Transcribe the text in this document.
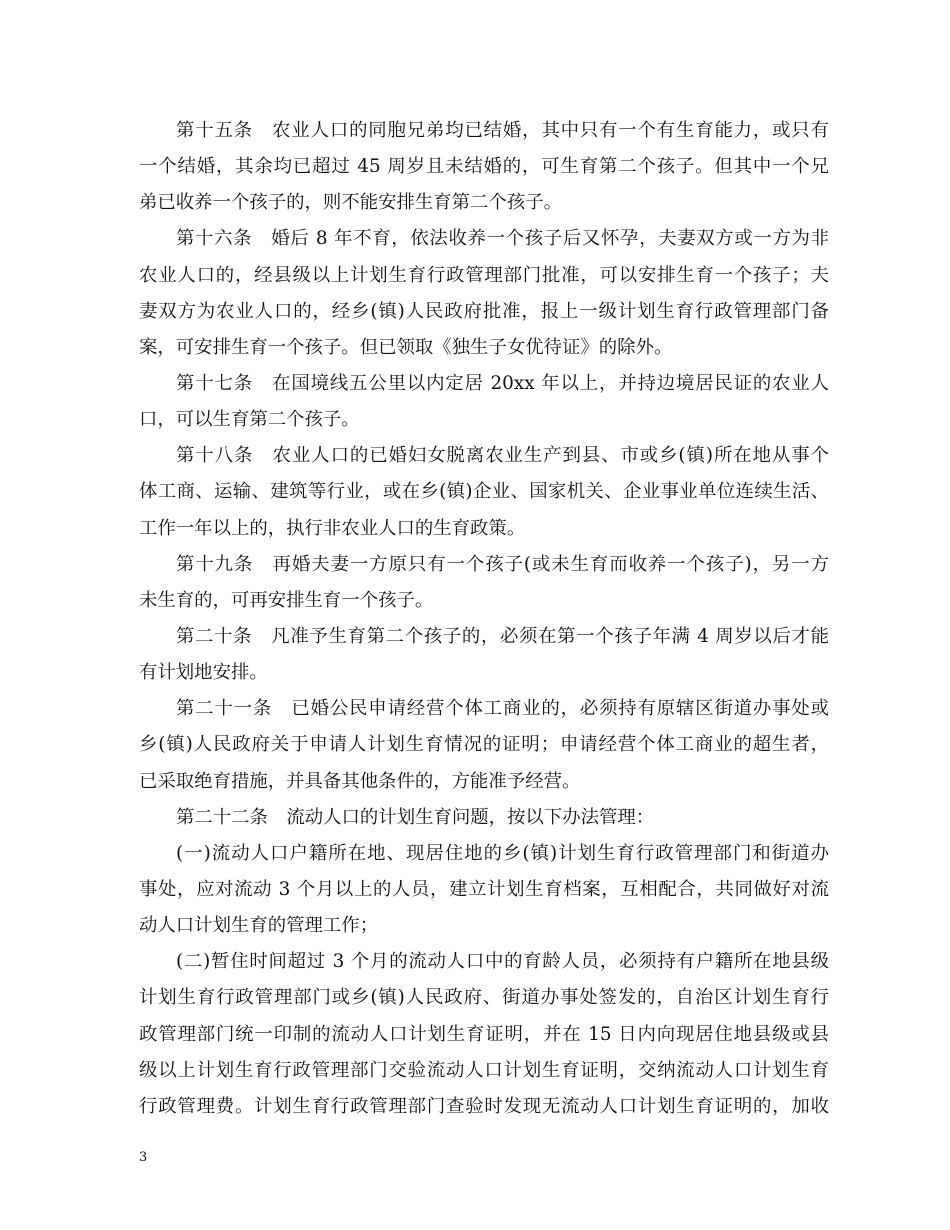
第十五条　农业人口的同胞兄弟均已结婚，其中只有一个有生育能力，或只有
一个结婚，其余均已超过 45 周岁且未结婚的，可生育第二个孩子。但其中一个兄
弟已收养一个孩子的，则不能安排生育第二个孩子。
第十六条　婚后 8 年不育，依法收养一个孩子后又怀孕，夫妻双方或一方为非
农业人口的，经县级以上计划生育行政管理部门批准，可以安排生育一个孩子；夫
妻双方为农业人口的，经乡(镇)人民政府批准，报上一级计划生育行政管理部门备
案，可安排生育一个孩子。但已领取《独生子女优待证》的除外。
第十七条　在国境线五公里以内定居 20xx 年以上，并持边境居民证的农业人
口，可以生育第二个孩子。
第十八条　农业人口的已婚妇女脱离农业生产到县、市或乡(镇)所在地从事个
体工商、运输、建筑等行业，或在乡(镇)企业、国家机关、企业事业单位连续生活、
工作一年以上的，执行非农业人口的生育政策。
第十九条　再婚夫妻一方原只有一个孩子(或未生育而收养一个孩子)，另一方
未生育的，可再安排生育一个孩子。
第二十条　凡准予生育第二个孩子的，必须在第一个孩子年满 4 周岁以后才能
有计划地安排。
第二十一条　已婚公民申请经营个体工商业的，必须持有原辖区街道办事处或
乡(镇)人民政府关于申请人计划生育情况的证明；申请经营个体工商业的超生者，
已采取绝育措施，并具备其他条件的，方能准予经营。
第二十二条　流动人口的计划生育问题，按以下办法管理：
(一)流动人口户籍所在地、现居住地的乡(镇)计划生育行政管理部门和街道办
事处，应对流动 3 个月以上的人员，建立计划生育档案，互相配合，共同做好对流
动人口计划生育的管理工作；
(二)暂住时间超过 3 个月的流动人口中的育龄人员，必须持有户籍所在地县级
计划生育行政管理部门或乡(镇)人民政府、街道办事处签发的，自治区计划生育行
政管理部门统一印制的流动人口计划生育证明，并在 15 日内向现居住地县级或县
级以上计划生育行政管理部门交验流动人口计划生育证明，交纳流动人口计划生育
行政管理费。计划生育行政管理部门查验时发现无流动人口计划生育证明的，加收
3
